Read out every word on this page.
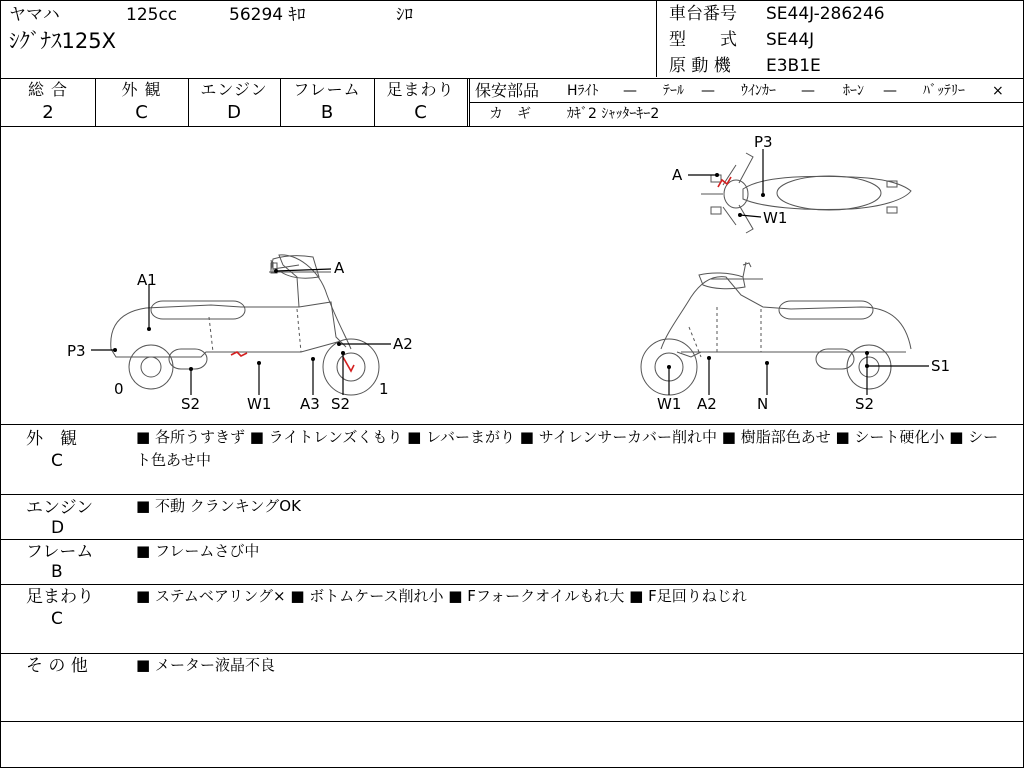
ヤマハ	125cc	56294 ｷﾛ	ｼﾛ
ｼｸﾞﾅｽ125X
車台番号 SE44J-286246
型　　式 SE44J
原 動 機 E3B1E
総 合
2
外 観
C
エンジン
D
フレーム
B
足まわり
C
保安部品 Hﾗｲﾄ — ﾃｰﾙ — ｳｲﾝｶｰ — ﾎｰﾝ — ﾊﾞｯﾃﾘｰ ×
カ　ギ	ｶｷﾞ2 ｼｬｯﾀｰｷｰ2
P3
A
W1
A1
A
P3	A2
0	1
S2	W1 A3 S2
S1
W1 A2	N	S2
外　観
C
■ 各所うすきず ■ ライトレンズくもり ■ レバーまがり ■ サイレンサーカバー削れ中 ■ 樹脂部色あせ ■ シート硬化小 ■ シート色あせ中
エンジン
D
■ 不動 クランキングOK
フレーム
B
■ フレームさび中
足まわり
C
■ ステムベアリング× ■ ボトムケース削れ小 ■ Fフォークオイルもれ大 ■ F足回りねじれ
そ の 他	■ メーター液晶不良
